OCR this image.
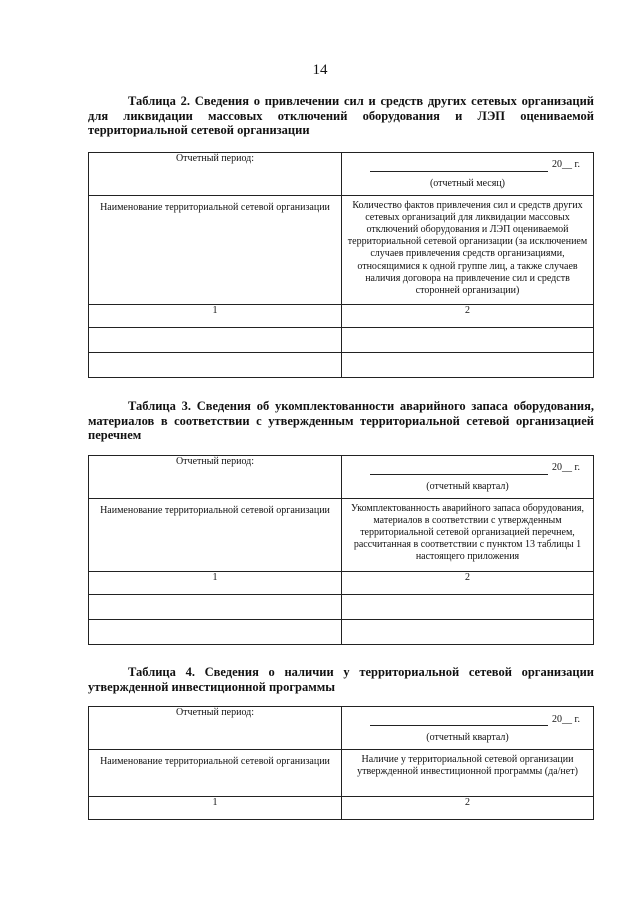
14

Таблица 2. Сведения о привлечении сил и средств других сетевых организаций для ликвидации массовых отключений оборудования и ЛЭП оцениваемой территориальной сетевой организации

Отчетный период:	20__ г.
(отчетный месяц)

Наименование территориальной сетевой организации	Количество фактов привлечения сил и средств других сетевых организаций для ликвидации массовых отключений оборудования и ЛЭП оцениваемой территориальной сетевой организации (за исключением случаев привлечения средств организациями, относящимися к одной группе лиц, а также случаев наличия договора на привлечение сил и средств сторонней организации)
1	2

Таблица 3. Сведения об укомплектованности аварийного запаса оборудования, материалов в соответствии с утвержденным территориальной сетевой организацией перечнем

Отчетный период:	20__ г.
(отчетный квартал)

Наименование территориальной сетевой организации	Укомплектованность аварийного запаса оборудования, материалов в соответствии с утвержденным территориальной сетевой организацией перечнем, рассчитанная в соответствии с пунктом 13 таблицы 1 настоящего приложения
1	2

Таблица 4. Сведения о наличии у территориальной сетевой организации утвержденной инвестиционной программы

Отчетный период:	20__ г.
(отчетный квартал)

Наименование территориальной сетевой организации	Наличие у территориальной сетевой организации утвержденной инвестиционной программы (да/нет)
1	2
